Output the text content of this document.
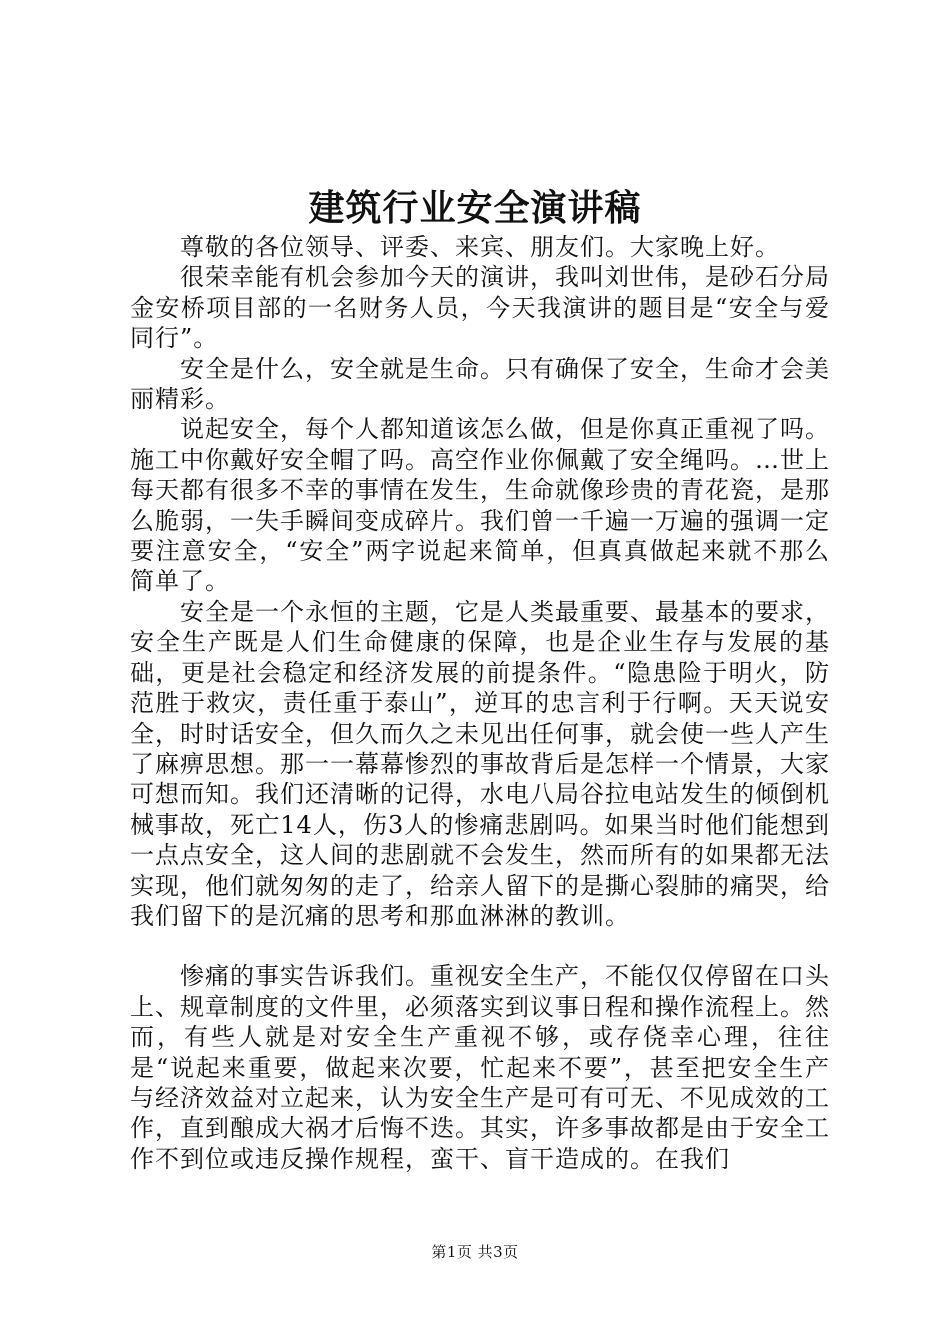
建筑行业安全演讲稿

尊敬的各位领导、评委、来宾、朋友们。大家晚上好。

很荣幸能有机会参加今天的演讲，我叫刘世伟，是砂石分局金安桥项目部的一名财务人员，今天我演讲的题目是“安全与爱同行”。

安全是什么，安全就是生命。只有确保了安全，生命才会美丽精彩。

说起安全，每个人都知道该怎么做，但是你真正重视了吗。施工中你戴好安全帽了吗。高空作业你佩戴了安全绳吗。…世上每天都有很多不幸的事情在发生，生命就像珍贵的青花瓷，是那么脆弱，一失手瞬间变成碎片。我们曾一千遍一万遍的强调一定要注意安全，“安全”两字说起来简单，但真真做起来就不那么简单了。

安全是一个永恒的主题，它是人类最重要、最基本的要求，安全生产既是人们生命健康的保障，也是企业生存与发展的基础，更是社会稳定和经济发展的前提条件。“隐患险于明火，防范胜于救灾，责任重于泰山”，逆耳的忠言利于行啊。天天说安全，时时话安全，但久而久之未见出任何事，就会使一些人产生了麻痹思想。那一一幕幕惨烈的事故背后是怎样一个情景，大家可想而知。我们还清晰的记得，水电八局谷拉电站发生的倾倒机械事故，死亡14人，伤3人的惨痛悲剧吗。如果当时他们能想到一点点安全，这人间的悲剧就不会发生，然而所有的如果都无法实现，他们就匆匆的走了，给亲人留下的是撕心裂肺的痛哭，给我们留下的是沉痛的思考和那血淋淋的教训。

惨痛的事实告诉我们。重视安全生产，不能仅仅停留在口头上、规章制度的文件里，必须落实到议事日程和操作流程上。然而，有些人就是对安全生产重视不够，或存侥幸心理，往往是“说起来重要，做起来次要，忙起来不要”，甚至把安全生产与经济效益对立起来，认为安全生产是可有可无、不见成效的工作，直到酿成大祸才后悔不迭。其实，许多事故都是由于安全工作不到位或违反操作规程，蛮干、盲干造成的。在我们

第1页 共3页
